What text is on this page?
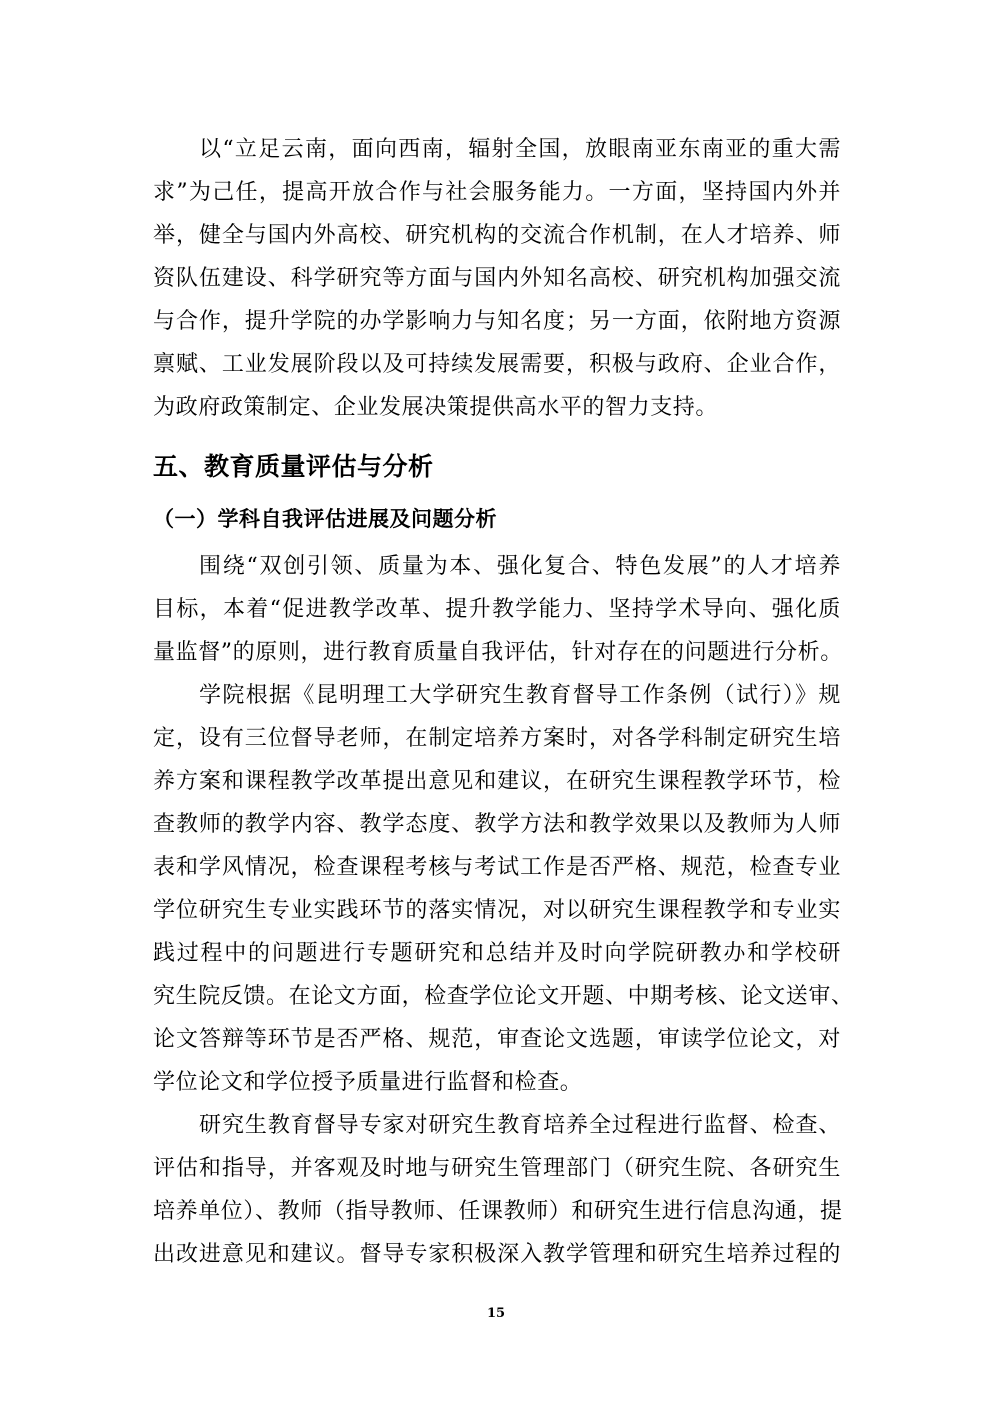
以“立足云南，面向西南，辐射全国，放眼南亚东南亚的重大需
求”为己任，提高开放合作与社会服务能力。一方面，坚持国内外并
举，健全与国内外高校、研究机构的交流合作机制，在人才培养、师
资队伍建设、科学研究等方面与国内外知名高校、研究机构加强交流
与合作，提升学院的办学影响力与知名度；另一方面，依附地方资源
禀赋、工业发展阶段以及可持续发展需要，积极与政府、企业合作，
为政府政策制定、企业发展决策提供高水平的智力支持。

五、教育质量评估与分析
（一）学科自我评估进展及问题分析

围绕“双创引领、质量为本、强化复合、特色发展”的人才培养
目标，本着“促进教学改革、提升教学能力、坚持学术导向、强化质
量监督”的原则，进行教育质量自我评估，针对存在的问题进行分析。

学院根据《昆明理工大学研究生教育督导工作条例（试行）》规
定，设有三位督导老师，在制定培养方案时，对各学科制定研究生培
养方案和课程教学改革提出意见和建议，在研究生课程教学环节，检
查教师的教学内容、教学态度、教学方法和教学效果以及教师为人师
表和学风情况，检查课程考核与考试工作是否严格、规范，检查专业
学位研究生专业实践环节的落实情况，对以研究生课程教学和专业实
践过程中的问题进行专题研究和总结并及时向学院研教办和学校研
究生院反馈。在论文方面，检查学位论文开题、中期考核、论文送审、
论文答辩等环节是否严格、规范，审查论文选题，审读学位论文，对
学位论文和学位授予质量进行监督和检查。

研究生教育督导专家对研究生教育培养全过程进行监督、检查、
评估和指导，并客观及时地与研究生管理部门（研究生院、各研究生
培养单位）、教师（指导教师、任课教师）和研究生进行信息沟通，提
出改进意见和建议。督导专家积极深入教学管理和研究生培养过程的

15
